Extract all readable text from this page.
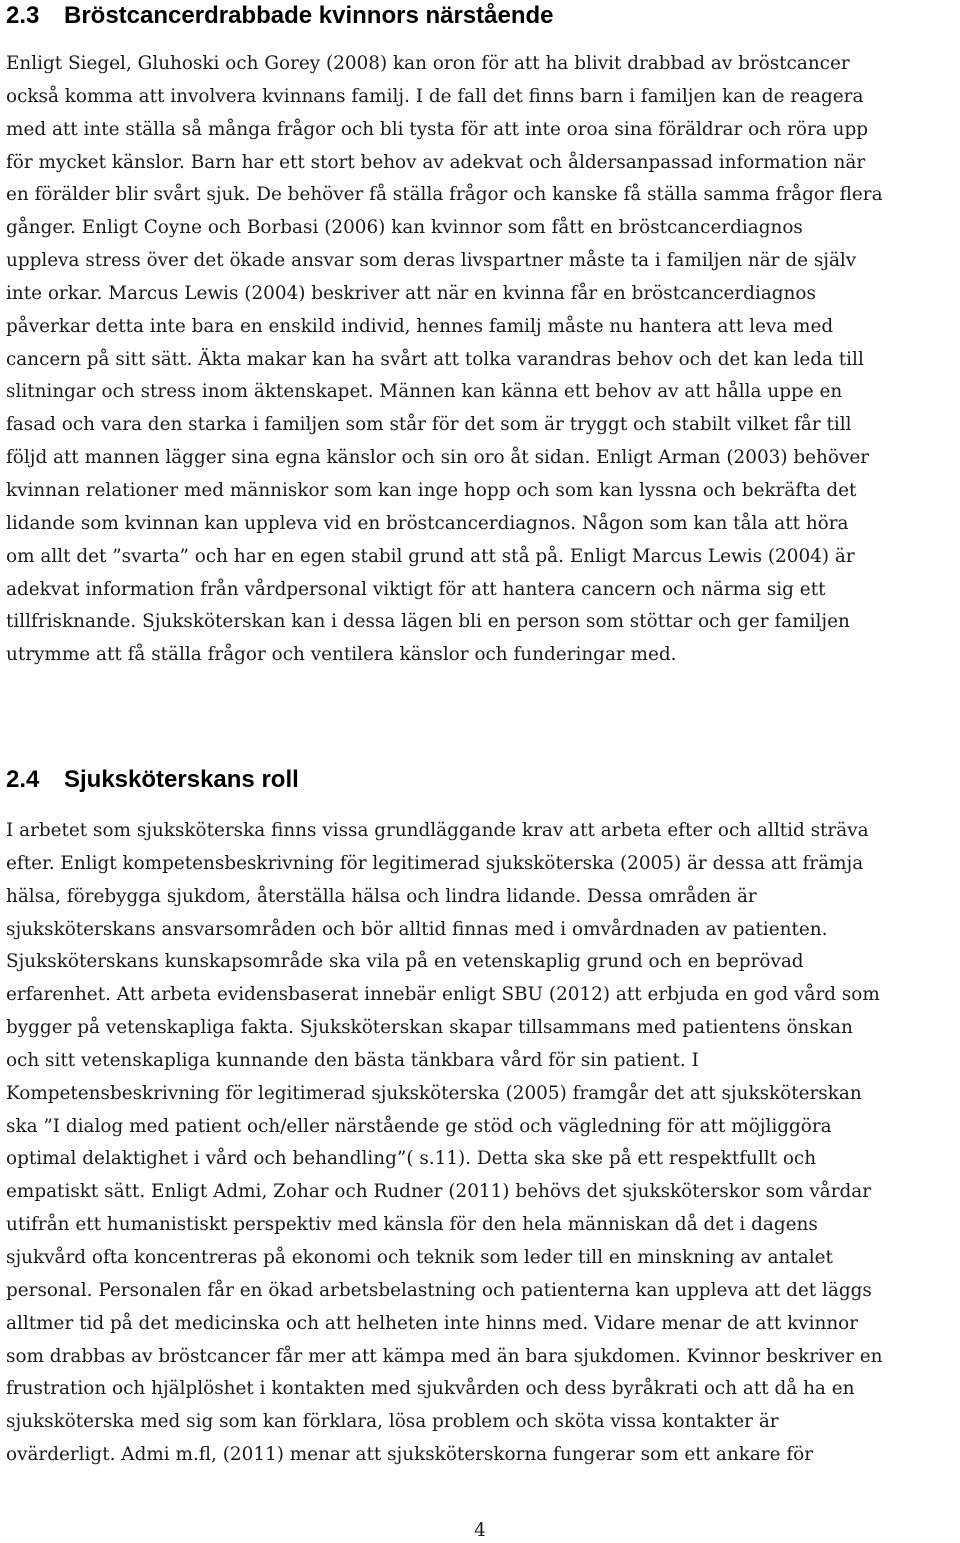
2.3 Bröstcancerdrabbade kvinnors närstående
Enligt Siegel, Gluhoski och Gorey (2008) kan oron för att ha blivit drabbad av bröstcancer
också komma att involvera kvinnans familj. I de fall det finns barn i familjen kan de reagera
med att inte ställa så många frågor och bli tysta för att inte oroa sina föräldrar och röra upp
för mycket känslor. Barn har ett stort behov av adekvat och åldersanpassad information när
en förälder blir svårt sjuk. De behöver få ställa frågor och kanske få ställa samma frågor flera
gånger. Enligt Coyne och Borbasi (2006) kan kvinnor som fått en bröstcancerdiagnos
uppleva stress över det ökade ansvar som deras livspartner måste ta i familjen när de själv
inte orkar. Marcus Lewis (2004) beskriver att när en kvinna får en bröstcancerdiagnos
påverkar detta inte bara en enskild individ, hennes familj måste nu hantera att leva med
cancern på sitt sätt. Äkta makar kan ha svårt att tolka varandras behov och det kan leda till
slitningar och stress inom äktenskapet. Männen kan känna ett behov av att hålla uppe en
fasad och vara den starka i familjen som står för det som är tryggt och stabilt vilket får till
följd att mannen lägger sina egna känslor och sin oro åt sidan. Enligt Arman (2003) behöver
kvinnan relationer med människor som kan inge hopp och som kan lyssna och bekräfta det
lidande som kvinnan kan uppleva vid en bröstcancerdiagnos. Någon som kan tåla att höra
om allt det ”svarta” och har en egen stabil grund att stå på. Enligt Marcus Lewis (2004) är
adekvat information från vårdpersonal viktigt för att hantera cancern och närma sig ett
tillfrisknande. Sjuksköterskan kan i dessa lägen bli en person som stöttar och ger familjen
utrymme att få ställa frågor och ventilera känslor och funderingar med.
2.4 Sjuksköterskans roll
I arbetet som sjuksköterska finns vissa grundläggande krav att arbeta efter och alltid sträva
efter. Enligt kompetensbeskrivning för legitimerad sjuksköterska (2005) är dessa att främja
hälsa, förebygga sjukdom, återställa hälsa och lindra lidande. Dessa områden är
sjuksköterskans ansvarsområden och bör alltid finnas med i omvårdnaden av patienten.
Sjuksköterskans kunskapsområde ska vila på en vetenskaplig grund och en beprövad
erfarenhet. Att arbeta evidensbaserat innebär enligt SBU (2012) att erbjuda en god vård som
bygger på vetenskapliga fakta. Sjuksköterskan skapar tillsammans med patientens önskan
och sitt vetenskapliga kunnande den bästa tänkbara vård för sin patient. I
Kompetensbeskrivning för legitimerad sjuksköterska (2005) framgår det att sjuksköterskan
ska ”I dialog med patient och/eller närstående ge stöd och vägledning för att möjliggöra
optimal delaktighet i vård och behandling”( s.11). Detta ska ske på ett respektfullt och
empatiskt sätt. Enligt Admi, Zohar och Rudner (2011) behövs det sjuksköterskor som vårdar
utifrån ett humanistiskt perspektiv med känsla för den hela människan då det i dagens
sjukvård ofta koncentreras på ekonomi och teknik som leder till en minskning av antalet
personal. Personalen får en ökad arbetsbelastning och patienterna kan uppleva att det läggs
alltmer tid på det medicinska och att helheten inte hinns med. Vidare menar de att kvinnor
som drabbas av bröstcancer får mer att kämpa med än bara sjukdomen. Kvinnor beskriver en
frustration och hjälplöshet i kontakten med sjukvården och dess byråkrati och att då ha en
sjuksköterska med sig som kan förklara, lösa problem och sköta vissa kontakter är
ovärderligt. Admi m.fl, (2011) menar att sjuksköterskorna fungerar som ett ankare för
4
